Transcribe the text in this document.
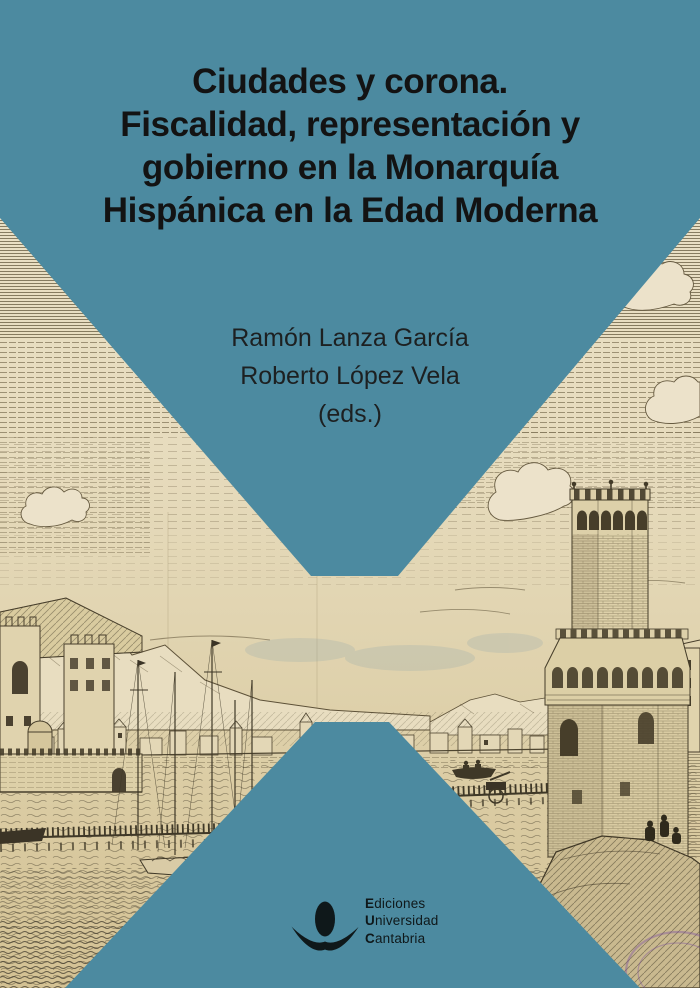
Ciudades y corona.
Fiscalidad, representación y
gobierno en la Monarquía
Hispánica en la Edad Moderna
Ramón Lanza García
Roberto López Vela
(eds.)
Ediciones
Universidad
Cantabria
